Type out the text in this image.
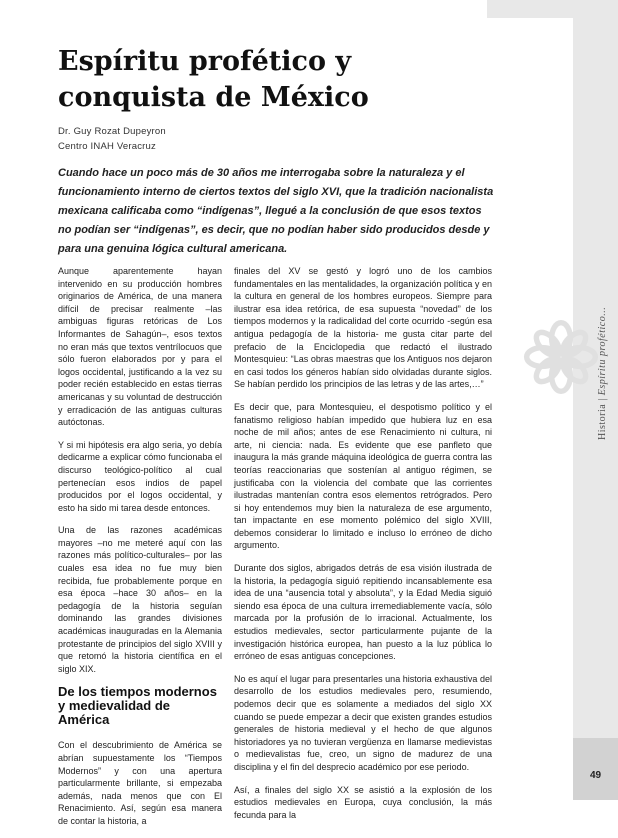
Historia|Espíritu profético...
Espíritu profético y conquista de México
Dr. Guy Rozat Dupeyron
Centro INAH Veracruz
Cuando hace un poco más de 30 años me interrogaba sobre la naturaleza y el funcionamiento interno de ciertos textos del siglo XVI, que la tradición nacionalista mexicana calificaba como “indígenas”, llegué a la conclusión de que esos textos no podían ser “indígenas”, es decir, que no podían haber sido producidos desde y para una genuina lógica cultural americana.

Aunque aparentemente hayan intervenido en su producción hombres originarios de América, de una manera difícil de precisar realmente –las ambiguas figuras retóricas de Los Informantes de Sahagún–, esos textos no eran más que textos ventrílocuos que sólo fueron elaborados por y para el logos occidental, justificando a la vez su poder recién establecido en estas tierras americanas y su voluntad de destrucción y erradicación de las antiguas culturas autóctonas.

Y si mi hipótesis era algo seria, yo debía dedicarme a explicar cómo funcionaba el discurso teológico-político al cual pertenecían esos indios de papel producidos por el logos occidental, y esto ha sido mi tarea desde entonces.

Una de las razones académicas mayores –no me meteré aquí con las razones más político-culturales– por las cuales esa idea no fue muy bien recibida, fue probablemente porque en esa época –hace 30 años– en la pedagogía de la historia seguían dominando las grandes divisiones académicas inauguradas en la Alemania protestante de principios del siglo XVIII y que retomó la historia científica en el siglo XIX.

De los tiempos modernos y medievalidad de América

Con el descubrimiento de América se abrían supuestamente los “Tiempos Modernos” y con una apertura particularmente brillante, si empezaba además, nada menos que con El Renacimiento. Así, según esa manera de contar la historia, a

finales del XV se gestó y logró uno de los cambios fundamentales en las mentalidades, la organización política y en la cultura en general de los hombres europeos. Siempre para ilustrar esa idea retórica, de esa supuesta “novedad” de los tiempos modernos y la radicalidad del corte ocurrido -según esa antigua pedagogía de la historia- me gusta citar parte del prefacio de la Enciclopedia que redactó el ilustrado Montesquieu: “Las obras maestras que los Antiguos nos dejaron en casi todos los géneros habían sido olvidadas durante siglos. Se habían perdido los principios de las letras y de las artes,…”

Es decir que, para Montesquieu, el despotismo político y el fanatismo religioso habían impedido que hubiera luz en esa noche de mil años; antes de ese Renacimiento ni cultura, ni arte, ni ciencia: nada. Es evidente que ese panfleto que inaugura la más grande máquina ideológica de guerra contra las teorías reaccionarias que sostenían al antiguo régimen, se justificaba con la violencia del combate que las corrientes ilustradas mantenían contra esos elementos retrógrados. Pero si hoy entendemos muy bien la naturaleza de ese argumento, tan impactante en ese momento polémico del siglo XVIII, debemos considerar lo limitado e incluso lo erróneo de dicho argumento.

Durante dos siglos, abrigados detrás de esa visión ilustrada de la historia, la pedagogía siguió repitiendo incansablemente esa idea de una “ausencia total y absoluta”, y la Edad Media siguió siendo esa época de una cultura irremediablemente vacía, sólo marcada por la profusión de lo irracional. Actualmente, los estudios medievales, sector particularmente pujante de la investigación histórica europea, han puesto a la luz pública lo erróneo de esas antiguas concepciones.

No es aquí el lugar para presentarles una historia exhaustiva del desarrollo de los estudios medievales pero, resumiendo, podemos decir que es solamente a mediados del siglo XX cuando se puede empezar a decir que existen grandes estudios generales de historia medieval y el hecho de que algunos historiadores ya no tuvieran vergüenza en llamarse medievistas o medievalistas fue, creo, un signo de madurez de una disciplina y el fin del desprecio académico por ese periodo.

Así, a finales del siglo XX se asistió a la explosión de los estudios medievales en Europa, cuya conclusión, la más fecunda para la

49
